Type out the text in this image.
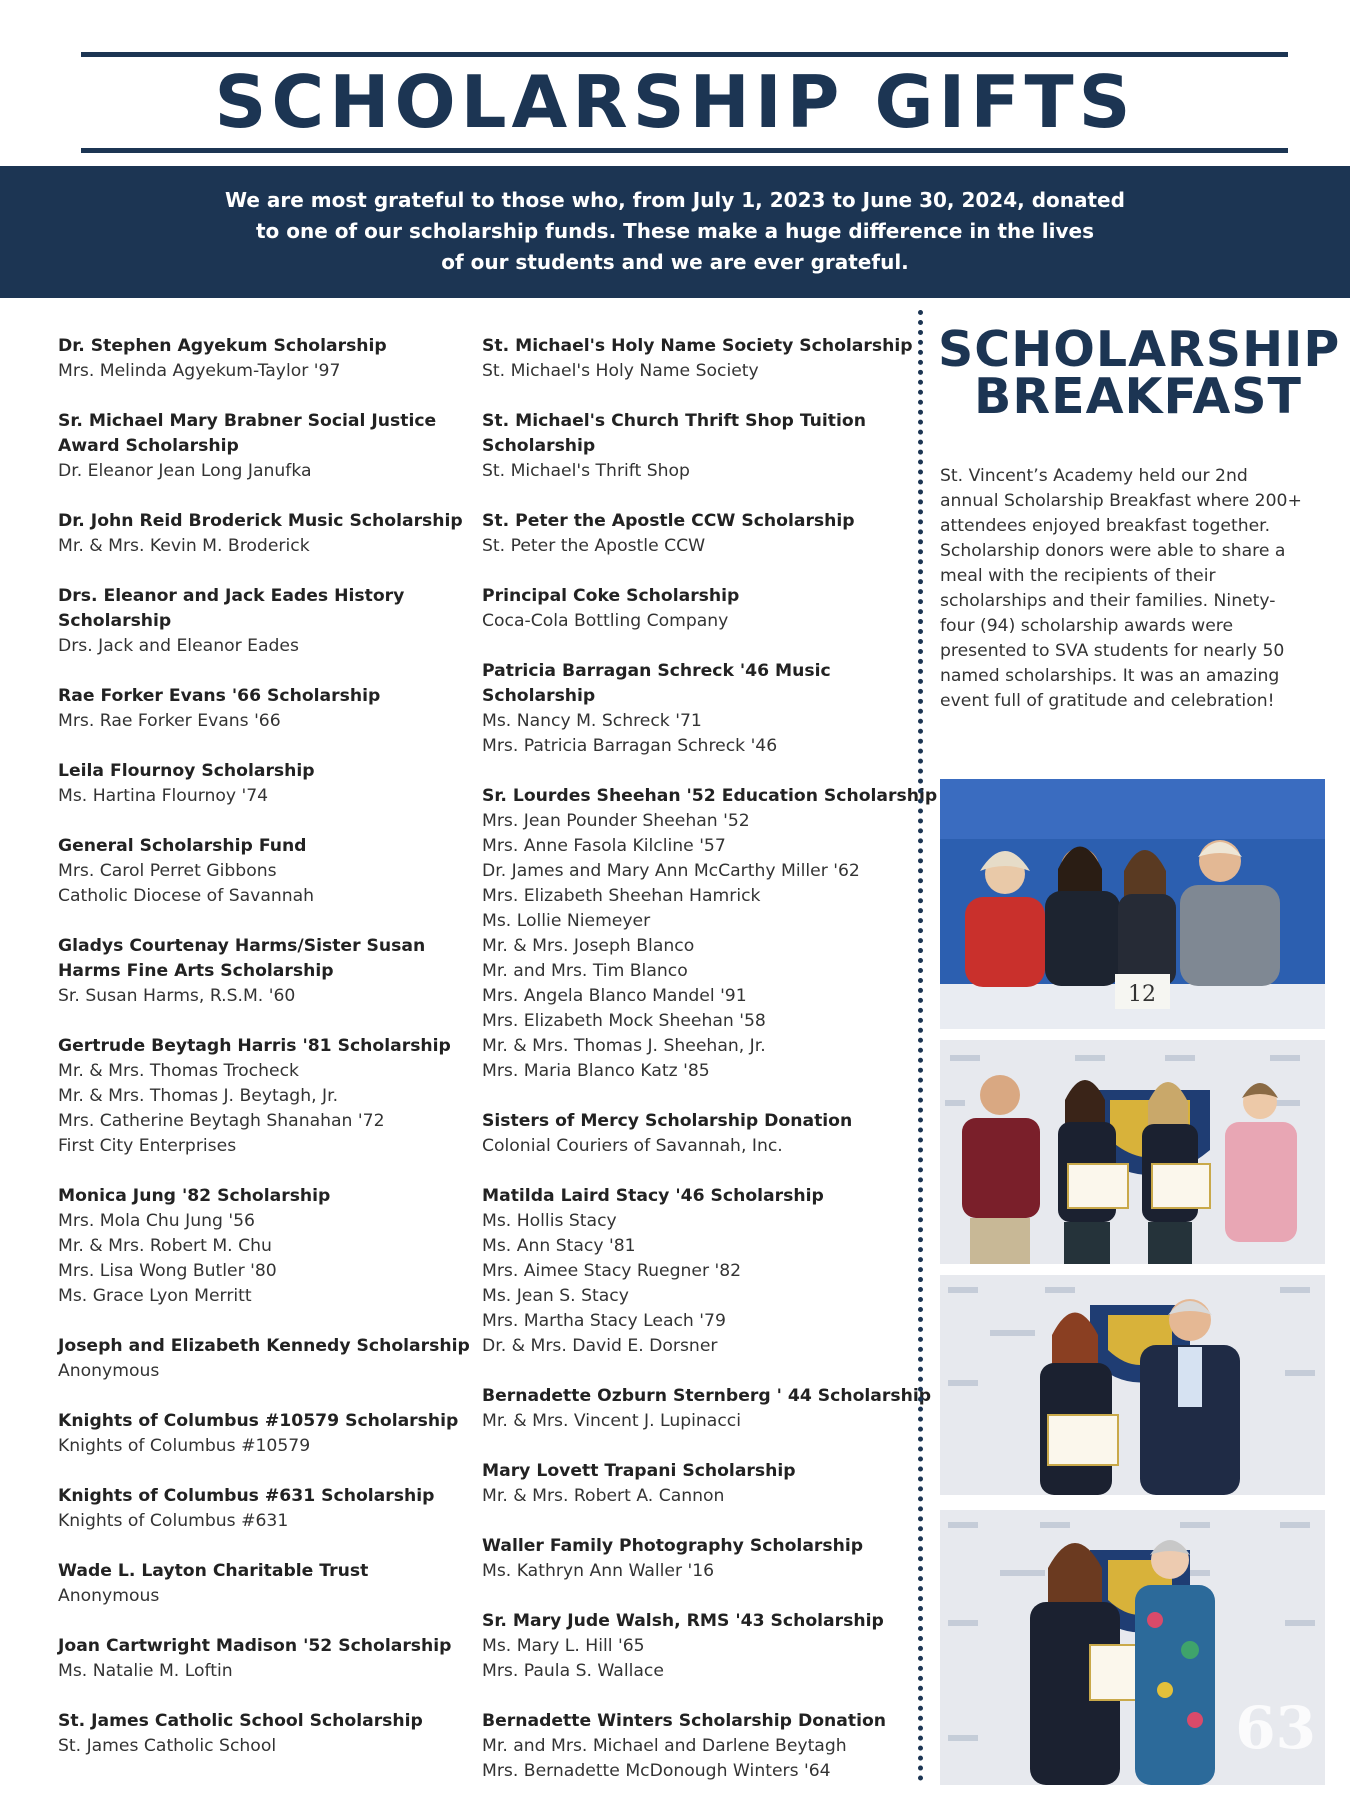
SCHOLARSHIP GIFTS
We are most grateful to those who, from July 1, 2023 to June 30, 2024, donated
to one of our scholarship funds. These make a huge difference in the lives
of our students and we are ever grateful.
Dr. Stephen Agyekum Scholarship
Mrs. Melinda Agyekum-Taylor '97
Sr. Michael Mary Brabner Social Justice
Award Scholarship
Dr. Eleanor Jean Long Janufka
Dr. John Reid Broderick Music Scholarship
Mr. & Mrs. Kevin M. Broderick
Drs. Eleanor and Jack Eades History
Scholarship
Drs. Jack and Eleanor Eades
Rae Forker Evans '66 Scholarship
Mrs. Rae Forker Evans '66
Leila Flournoy Scholarship
Ms. Hartina Flournoy '74
General Scholarship Fund
Mrs. Carol Perret Gibbons
Catholic Diocese of Savannah
Gladys Courtenay Harms/Sister Susan
Harms Fine Arts Scholarship
Sr. Susan Harms, R.S.M. '60
Gertrude Beytagh Harris '81 Scholarship
Mr. & Mrs. Thomas Trocheck
Mr. & Mrs. Thomas J. Beytagh, Jr.
Mrs. Catherine Beytagh Shanahan '72
First City Enterprises
Monica Jung '82 Scholarship
Mrs. Mola Chu Jung '56
Mr. & Mrs. Robert M. Chu
Mrs. Lisa Wong Butler '80
Ms. Grace Lyon Merritt
Joseph and Elizabeth Kennedy Scholarship
Anonymous
Knights of Columbus #10579 Scholarship
Knights of Columbus #10579
Knights of Columbus #631 Scholarship
Knights of Columbus #631
Wade L. Layton Charitable Trust
Anonymous
Joan Cartwright Madison '52 Scholarship
Ms. Natalie M. Loftin
St. James Catholic School Scholarship
St. James Catholic School
St. Michael's Holy Name Society Scholarship
St. Michael's Holy Name Society
St. Michael's Church Thrift Shop Tuition
Scholarship
St. Michael's Thrift Shop
St. Peter the Apostle CCW Scholarship
St. Peter the Apostle CCW
Principal Coke Scholarship
Coca-Cola Bottling Company
Patricia Barragan Schreck '46 Music
Scholarship
Ms. Nancy M. Schreck '71
Mrs. Patricia Barragan Schreck '46
Sr. Lourdes Sheehan '52 Education Scholarship
Mrs. Jean Pounder Sheehan '52
Mrs. Anne Fasola Kilcline '57
Dr. James and Mary Ann McCarthy Miller '62
Mrs. Elizabeth Sheehan Hamrick
Ms. Lollie Niemeyer
Mr. & Mrs. Joseph Blanco
Mr. and Mrs. Tim Blanco
Mrs. Angela Blanco Mandel '91
Mrs. Elizabeth Mock Sheehan '58
Mr. & Mrs. Thomas J. Sheehan, Jr.
Mrs. Maria Blanco Katz '85
Sisters of Mercy Scholarship Donation
Colonial Couriers of Savannah, Inc.
Matilda Laird Stacy '46 Scholarship
Ms. Hollis Stacy
Ms. Ann Stacy '81
Mrs. Aimee Stacy Ruegner '82
Ms. Jean S. Stacy
Mrs. Martha Stacy Leach '79
Dr. & Mrs. David E. Dorsner
Bernadette Ozburn Sternberg ' 44 Scholarship
Mr. & Mrs. Vincent J. Lupinacci
Mary Lovett Trapani Scholarship
Mr. & Mrs. Robert A. Cannon
Waller Family Photography Scholarship
Ms. Kathryn Ann Waller '16
Sr. Mary Jude Walsh, RMS '43 Scholarship
Ms. Mary L. Hill '65
Mrs. Paula S. Wallace
Bernadette Winters Scholarship Donation
Mr. and Mrs. Michael and Darlene Beytagh
Mrs. Bernadette McDonough Winters '64
SCHOLARSHIP
BREAKFAST
St. Vincent’s Academy held our 2nd
annual Scholarship Breakfast where 200+
attendees enjoyed breakfast together.
Scholarship donors were able to share a
meal with the recipients of their
scholarships and their families. Ninety-
four (94) scholarship awards were
presented to SVA students for nearly 50
named scholarships. It was an amazing
event full of gratitude and celebration!
12
63
